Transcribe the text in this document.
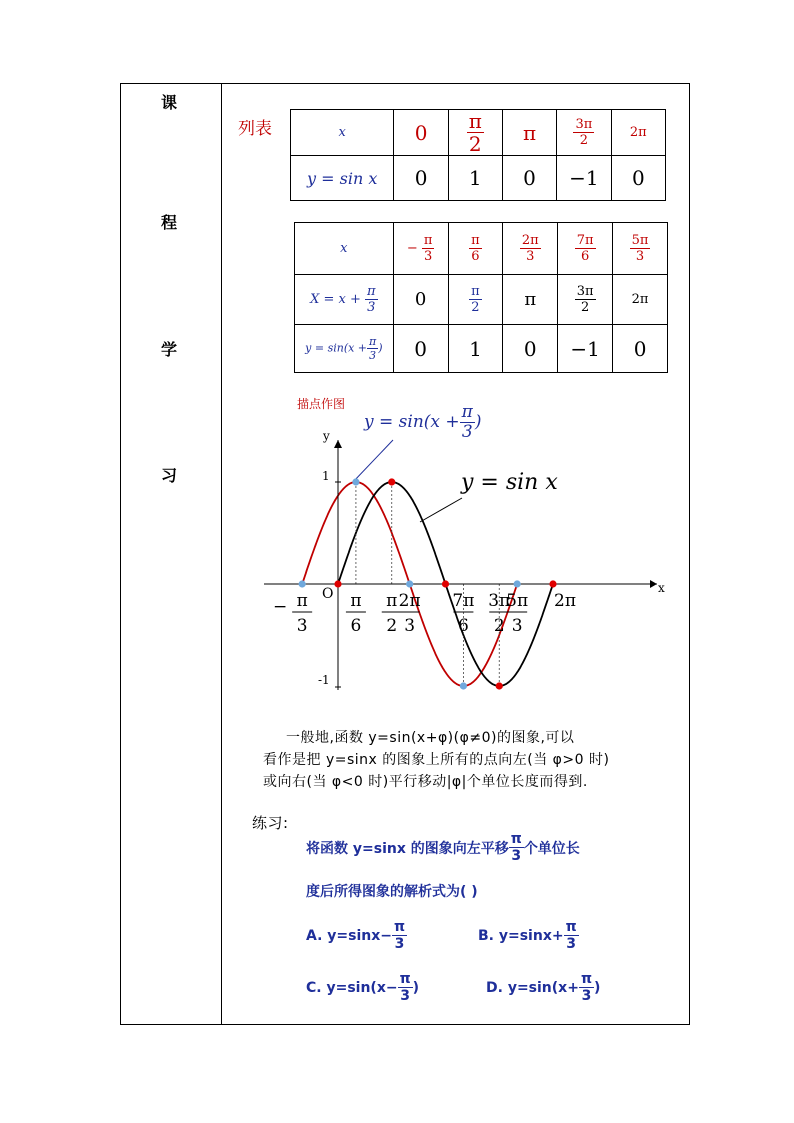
课
程
学
习
列表	x	0	$\frac{\pi}{2}$	π	$\frac{3\pi}{2}$	2π
y = sin x	0	1	0	−1	0
x	− $\frac{\pi}{3}$	$\frac{\pi}{6}$	$\frac{2\pi}{3}$	$\frac{7\pi}{6}$	$\frac{5\pi}{3}$

$X = x + \frac{\pi}{3}$	0	$\frac{\pi}{2}$	π	$\frac{3\pi}{2}$	2π
$y = \sin(x + \frac{\pi}{3}$ )	0	1	0	−1	0
描点作图
y
x
O
1
-1
π
3
−	π
6
π
2
2π
3
7π
6
3π
2
5π
3
2π
$y = \sin(x + \frac{\pi}{3}$ )
y = sin x
一般地,函数 y=sin(x+φ)(φ≠0)的图象,可以
看作是把 y=sinx 的图象上所有的点向左(当 φ>0 时)
或向右(当 φ<0 时)平行移动|φ|个单位长度而得到.
练习:
将函数 y=sinx 的图象向左平移 $\frac{\pi}{3}$ 个单位长
度后所得图象的解析式为( )
A. $y=\sin x- \frac{\pi}{3}$	B. $y=\sin x+ \frac{\pi}{3}$
C. $y=\sin(x- \frac{\pi}{3}$ )	D. $y=\sin(x+ \frac{\pi}{3}$ )
